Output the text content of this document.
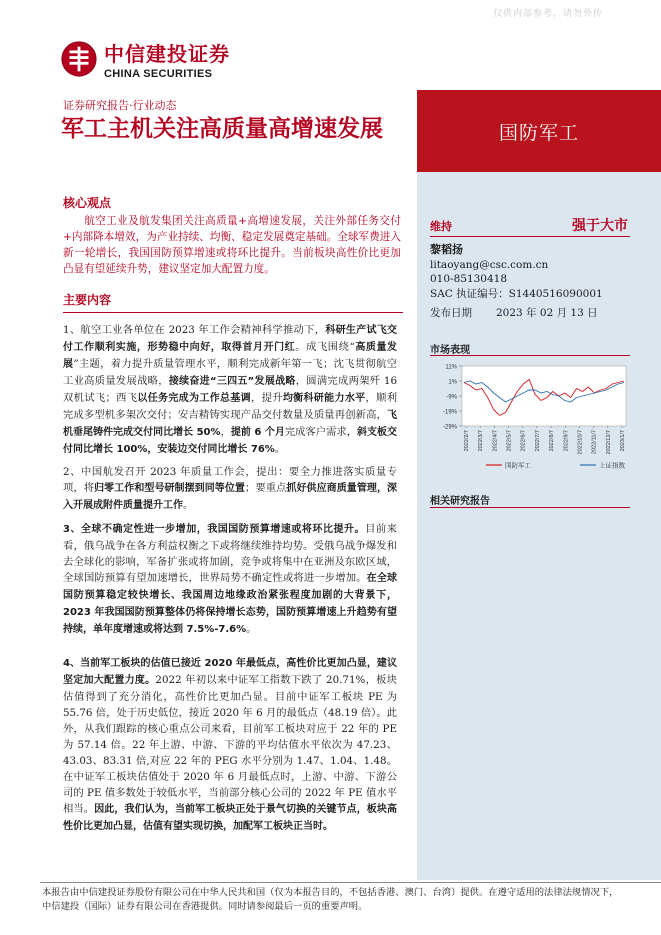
仅供内部参考，请勿外传
中信建投证券
CHINA SECURITIES
国防军工
证券研究报告·行业动态
军工主机关注高质量高增速发展
核心观点
航空工业及航发集团关注高质量+高增速发展，关注外部任务交付+内部降本增效，为产业持续、均衡、稳定发展奠定基础。全球军费进入新一轮增长，我国国防预算增速或将环比提升。当前板块高性价比更加凸显有望延续升势，建议坚定加大配置力度。
主要内容
1、航空工业各单位在 2023 年工作会精神科学推动下，科研生产试飞交付工作顺利实施，形势稳中向好，取得首月开门红。成飞围绕“高质量发展”主题，着力提升质量管理水平，顺利完成新年第一飞；沈飞贯彻航空工业高质量发展战略，接续奋进“三四五”发展战略，圆满完成两架歼 16 双机试飞；西飞以任务完成为工作总基调，提升均衡科研能力水平，顺利完成多型机多架次交付；安吉精铸实现产品交付数量及质量再创新高，飞机垂尾铸件完成交付同比增长 50%，提前 6 个月完成客户需求，斜支板交付同比增长 100%，安装边交付同比增长 76%。
2、中国航发召开 2023 年质量工作会，提出：要全力推进落实质量专项，将归零工作和型号研制摆到同等位置；要重点抓好供应商质量管理，深入开展成附件质量提升工作。
3、全球不确定性进一步增加，我国国防预算增速或将环比提升。目前来看，俄乌战争在各方利益权衡之下或将继续维持均势。受俄乌战争爆发和去全球化的影响，军备扩张或将加剧，竞争或将集中在亚洲及东欧区域，全球国防预算有望加速增长，世界局势不确定性或将进一步增加。在全球国防预算稳定较快增长、我国周边地缘政治紧张程度加剧的大背景下，2023 年我国国防预算整体仍将保持增长态势，国防预算增速上升趋势有望持续，单年度增速或将达到 7.5%-7.6%。
4、当前军工板块的估值已接近 2020 年最低点，高性价比更加凸显，建议坚定加大配置力度。2022 年初以来中证军工指数下跌了 20.71%，板块估值得到了充分消化，高性价比更加凸显。目前中证军工板块 PE 为 55.76 倍，处于历史低位，接近 2020 年 6 月的最低点（48.19 倍）。此外，从我们跟踪的核心重点公司来看，目前军工板块对应于 22 年的 PE 为 57.14 倍。22 年上游、中游、下游的平均估值水平依次为 47.23、43.03、83.31 倍,对应 22 年的 PEG 水平分别为 1.47、1.04、1.48。在中证军工板块估值处于 2020 年 6 月最低点时，上游、中游、下游公司的 PE 值多数处于较低水平，当前部分核心公司的 2022 年 PE 值水平相当。因此，我们认为，当前军工板块正处于景气切换的关键节点，板块高性价比更加凸显，估值有望实现切换，加配军工板块正当时。
维持	强于大市
黎韬扬
litaoyang@csc.com.cn
010-85130418
SAC 执证编号：S1440516090001
发布日期 2023 年 02 月 13 日
市场表现
11%
1%
-9%
-19%
-29%
2022/2/7 2022/3/7 2022/4/7 2022/5/7 2022/6/7 2022/7/7 2022/8/7 2022/9/7 2022/10/7 2022/11/7 2022/12/7 2023/1/7
国防军工	上证指数
相关研究报告
本报告由中信建投证券股份有限公司在中华人民共和国（仅为本报告目的，不包括香港、澳门、台湾）提供。在遵守适用的法律法规情况下，
中信建投（国际）证券有限公司在香港提供。同时请参阅最后一页的重要声明。
